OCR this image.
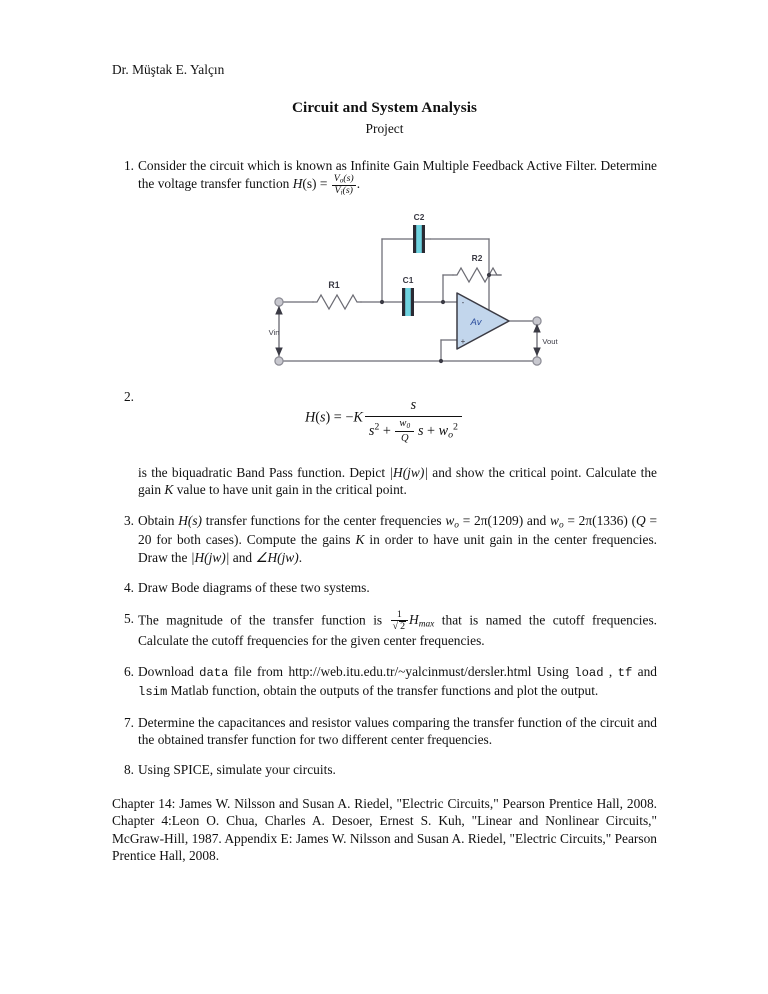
Dr. Müştak E. Yalçın

Circuit and System Analysis

Project

1. Consider the circuit which is known as Infinite Gain Multiple Feedback Active Filter. Determine the voltage transfer function $H(s) = \frac{V_o(s)}{V_i(s)}$ .
C2
R2
R1	C1
Av
-
+
Vin
Vout
2.
$H(s) = -K \frac{s}{s^2 + \frac{w_0}{Q} s + w_o^2}$

is the biquadratic Band Pass function. Depict |H(jw)| and show the critical point. Calculate the gain K value to have unit gain in the critical point.

3. Obtain H(s) transfer functions for the center frequencies $w_o = 2\pi(1209)$ and $w_o = 2\pi(1336) (Q = 20$ for both cases). Compute the gains K in order to have unit gain in the center frequencies. Draw the |H(jw)| and ∠H(jw).
4. Draw Bode diagrams of these two systems.
5. The magnitude of the transfer function is $\frac{1}{√ 2} H_{max}$ that is named the cutoff frequencies. Calculate the cutoff frequencies for the given center frequencies.
6. Download data file from http://web.itu.edu.tr/~yalcinmust/dersler.html Using load , tf and lsim Matlab function, obtain the outputs of the transfer functions and plot the output.
7. Determine the capacitances and resistor values comparing the transfer function of the circuit and the obtained transfer function for two different center frequencies.
8. Using SPICE, simulate your circuits.

Chapter 14: James W. Nilsson and Susan A. Riedel, "Electric Circuits," Pearson Prentice Hall, 2008. Chapter 4:Leon O. Chua, Charles A. Desoer, Ernest S. Kuh, "Linear and Nonlinear Circuits," McGraw-Hill, 1987. Appendix E: James W. Nilsson and Susan A. Riedel, "Electric Circuits," Pearson Prentice Hall, 2008.
